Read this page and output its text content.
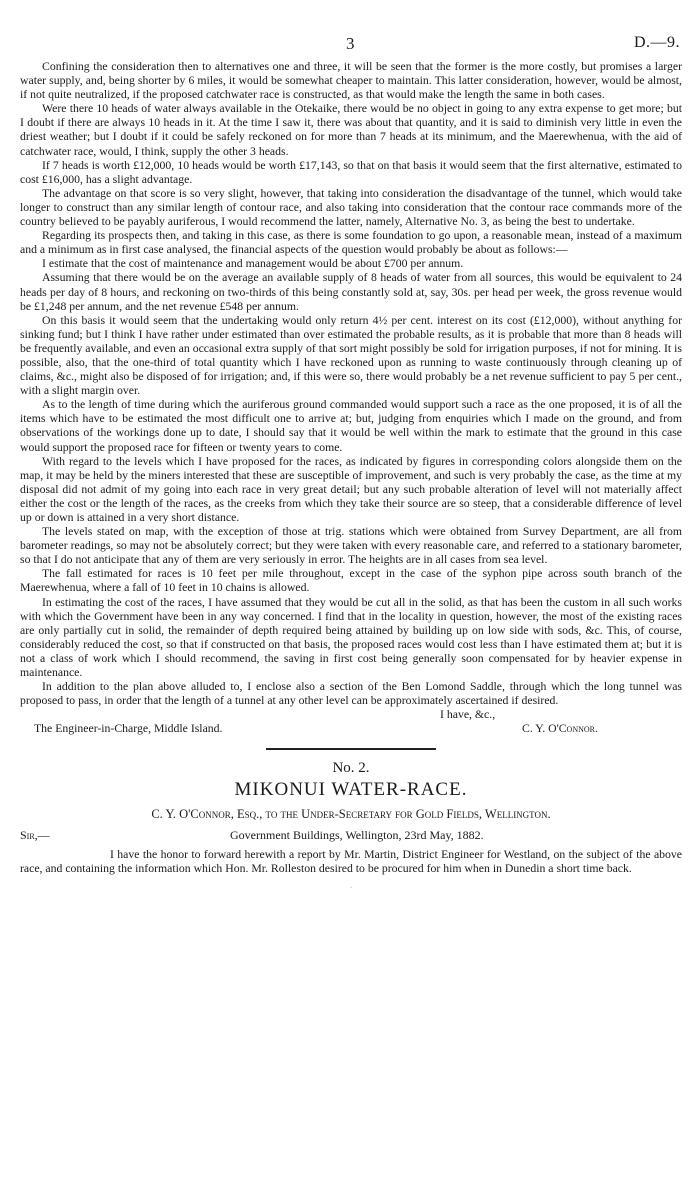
3	D.—9.

Confining the consideration then to alternatives one and three, it will be seen that the former is the more costly, but promises a larger water supply, and, being shorter by 6 miles, it would be somewhat cheaper to maintain. This latter consideration, however, would be almost, if not quite neutralized, if the proposed catchwater race is constructed, as that would make the length the same in both cases.

Were there 10 heads of water always available in the Otekaike, there would be no object in going to any extra expense to get more; but I doubt if there are always 10 heads in it. At the time I saw it, there was about that quantity, and it is said to diminish very little in even the driest weather; but I doubt if it could be safely reckoned on for more than 7 heads at its minimum, and the Maerewhenua, with the aid of catchwater race, would, I think, supply the other 3 heads.

If 7 heads is worth £12,000, 10 heads would be worth £17,143, so that on that basis it would seem that the first alternative, estimated to cost £16,000, has a slight advantage.

The advantage on that score is so very slight, however, that taking into consideration the disadvantage of the tunnel, which would take longer to construct than any similar length of contour race, and also taking into consideration that the contour race commands more of the country believed to be payably auriferous, I would recommend the latter, namely, Alternative No. 3, as being the best to undertake.

Regarding its prospects then, and taking in this case, as there is some foundation to go upon, a reasonable mean, instead of a maximum and a minimum as in first case analysed, the financial aspects of the question would probably be about as follows:—

I estimate that the cost of maintenance and management would be about £700 per annum.

Assuming that there would be on the average an available supply of 8 heads of water from all sources, this would be equivalent to 24 heads per day of 8 hours, and reckoning on two-thirds of this being constantly sold at, say, 30s. per head per week, the gross revenue would be £1,248 per annum, and the net revenue £548 per annum.

On this basis it would seem that the undertaking would only return 4½ per cent. interest on its cost (£12,000), without anything for sinking fund; but I think I have rather under estimated than over estimated the probable results, as it is probable that more than 8 heads will be frequently available, and even an occasional extra supply of that sort might possibly be sold for irrigation purposes, if not for mining. It is possible, also, that the one-third of total quantity which I have reckoned upon as running to waste continuously through cleaning up of claims, &c., might also be disposed of for irrigation; and, if this were so, there would probably be a net revenue sufficient to pay 5 per cent., with a slight margin over.

As to the length of time during which the auriferous ground commanded would support such a race as the one proposed, it is of all the items which have to be estimated the most difficult one to arrive at; but, judging from enquiries which I made on the ground, and from observations of the workings done up to date, I should say that it would be well within the mark to estimate that the ground in this case would support the proposed race for fifteen or twenty years to come.

With regard to the levels which I have proposed for the races, as indicated by figures in corresponding colors alongside them on the map, it may be held by the miners interested that these are susceptible of improvement, and such is very probably the case, as the time at my disposal did not admit of my going into each race in very great detail; but any such probable alteration of level will not materially affect either the cost or the length of the races, as the creeks from which they take their source are so steep, that a considerable difference of level up or down is attained in a very short distance.

The levels stated on map, with the exception of those at trig. stations which were obtained from Survey Department, are all from barometer readings, so may not be absolutely correct; but they were taken with every reasonable care, and referred to a stationary barometer, so that I do not anticipate that any of them are very seriously in error. The heights are in all cases from sea level.

The fall estimated for races is 10 feet per mile throughout, except in the case of the syphon pipe across south branch of the Maerewhenua, where a fall of 10 feet in 10 chains is allowed.

In estimating the cost of the races, I have assumed that they would be cut all in the solid, as that has been the custom in all such works with which the Government have been in any way concerned. I find that in the locality in question, however, the most of the existing races are only partially cut in solid, the remainder of depth required being attained by building up on low side with sods, &c. This, of course, considerably reduced the cost, so that if constructed on that basis, the proposed races would cost less than I have estimated them at; but it is not a class of work which I should recommend, the saving in first cost being generally soon compensated for by heavier expense in maintenance.

In addition to the plan above alluded to, I enclose also a section of the Ben Lomond Saddle, through which the long tunnel was proposed to pass, in order that the length of a tunnel at any other level can be approximately ascertained if desired.

I have, &c.,
The Engineer-in-Charge, Middle Island.	C. Y. O'Connor.
No. 2.
MIKONUI WATER-RACE.
C. Y. O'Connor, Esq., to the Under-Secretary for Gold Fields, Wellington.
Sir,—	Government Buildings, Wellington, 23rd May, 1882.

I have the honor to forward herewith a report by Mr. Martin, District Engineer for Westland, on the subject of the above race, and containing the information which Hon. Mr. Rolleston desired to be procured for him when in Dunedin a short time back.

·
